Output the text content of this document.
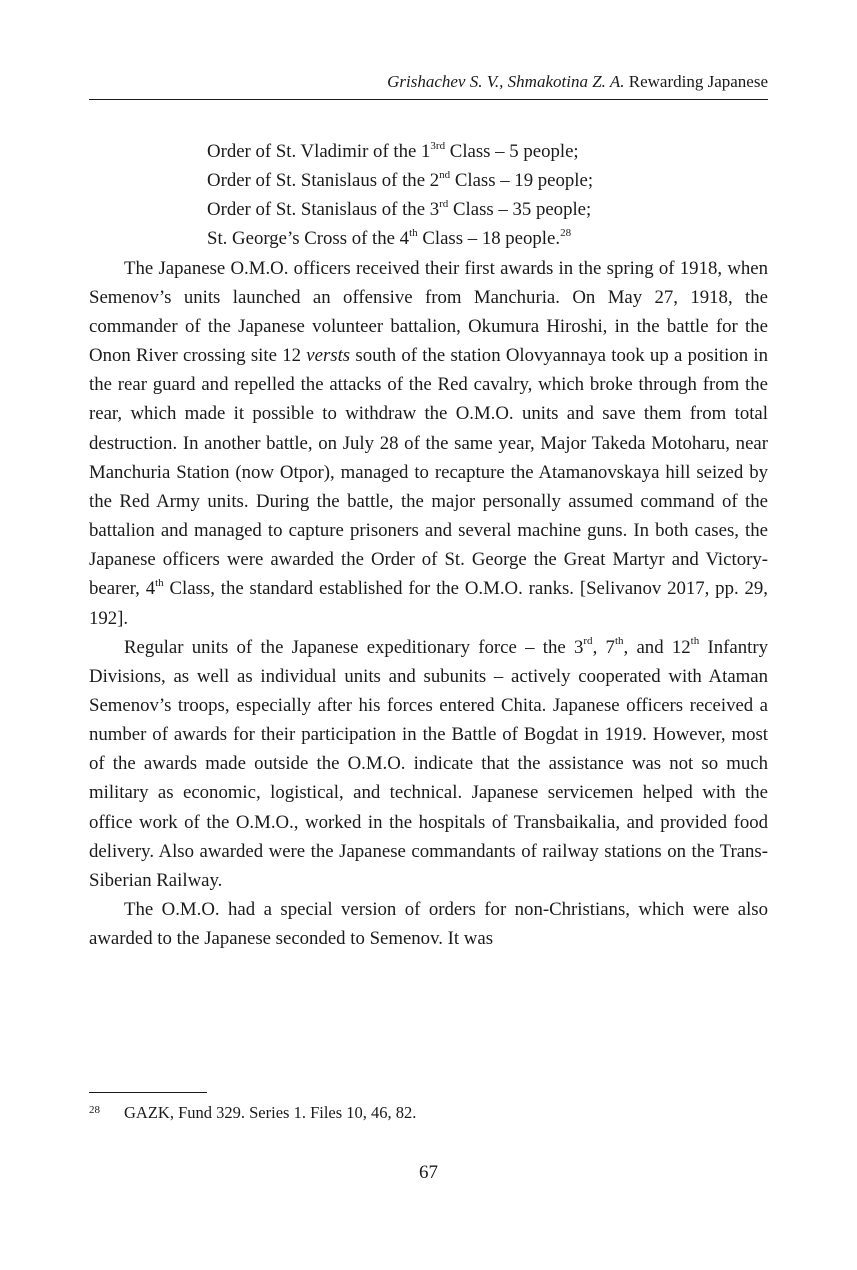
Grishachev S. V., Shmakotina Z. A. Rewarding Japanese
Order of St. Vladimir of the $1^{3rd}$ Class – 5 people;
Order of St. Stanislaus of the 2nd Class – 19 people;
Order of St. Stanislaus of the 3rd Class – 35 people;
St. George’s Cross of the 4th Class – 18 people.$^{28}$

The Japanese O.M.O. officers received their first awards in the spring of 1918, when Semenov’s units launched an offensive from Manchuria. On May 27, 1918, the commander of the Japanese volunteer battalion, Okumura Hiroshi, in the battle for the Onon River crossing site 12 versts south of the station Olovyannaya took up a position in the rear guard and repelled the attacks of the Red cavalry, which broke through from the rear, which made it possible to withdraw the O.M.O. units and save them from total destruction. In another battle, on July 28 of the same year, Major Takeda Motoharu, near Manchuria Station (now Otpor), managed to recapture the Atamanovskaya hill seized by the Red Army units. During the battle, the major personally assumed command of the battalion and managed to capture prisoners and several machine guns. In both cases, the Japanese officers were awarded the Order of St. George the Great Martyr and Victory-bearer, 4th Class, the standard established for the O.M.O. ranks. [Selivanov 2017, pp. 29, 192].

Regular units of the Japanese expeditionary force – the 3rd, 7th, and 12th Infantry Divisions, as well as individual units and subunits – actively cooperated with Ataman Semenov’s troops, especially after his forces entered Chita. Japanese officers received a number of awards for their participation in the Battle of Bogdat in 1919. However, most of the awards made outside the O.M.O. indicate that the assistance was not so much military as economic, logistical, and technical. Japanese servicemen helped with the office work of the O.M.O., worked in the hospitals of Transbaikalia, and provided food delivery. Also awarded were the Japanese commandants of railway stations on the Trans-Siberian Railway.

The O.M.O. had a special version of orders for non-Christians, which were also awarded to the Japanese seconded to Semenov. It was

28 GAZK, Fund 329. Series 1. Files 10, 46, 82.
67
